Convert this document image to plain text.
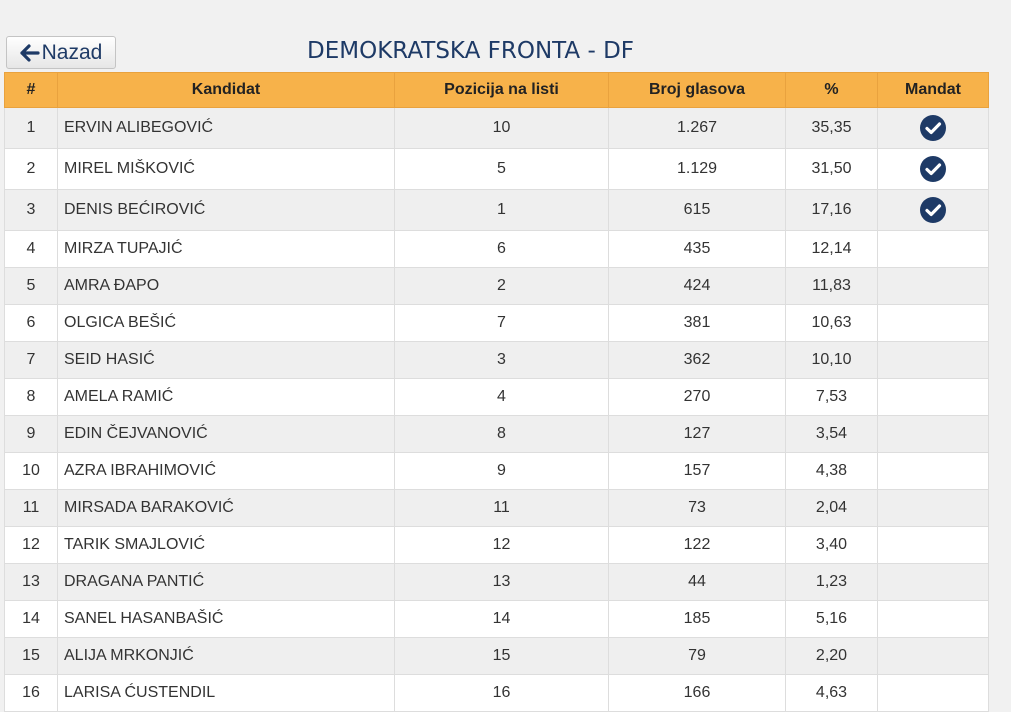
Nazad	DEMOKRATSKA FRONTA - DF
#	Kandidat	Pozicija na listi	Broj glasova	%	Mandat
1	ERVIN ALIBEGOVIĆ	10	1.267	35,35	
2	MIREL MIŠKOVIĆ	5	1.129	31,50	
3	DENIS BEĆIROVIĆ	1	615	17,16	
4	MIRZA TUPAJIĆ	6	435	12,14	
5	AMRA ĐAPO	2	424	11,83	
6	OLGICA BEŠIĆ	7	381	10,63	
7	SEID HASIĆ	3	362	10,10	
8	AMELA RAMIĆ	4	270	7,53	
9	EDIN ČEJVANOVIĆ	8	127	3,54	
10	AZRA IBRAHIMOVIĆ	9	157	4,38	
11	MIRSADA BARAKOVIĆ	11	73	2,04	
12	TARIK SMAJLOVIĆ	12	122	3,40	
13	DRAGANA PANTIĆ	13	44	1,23	
14	SANEL HASANBAŠIĆ	14	185	5,16	
15	ALIJA MRKONJIĆ	15	79	2,20	
16	LARISA ĆUSTENDIL	16	166	4,63	
